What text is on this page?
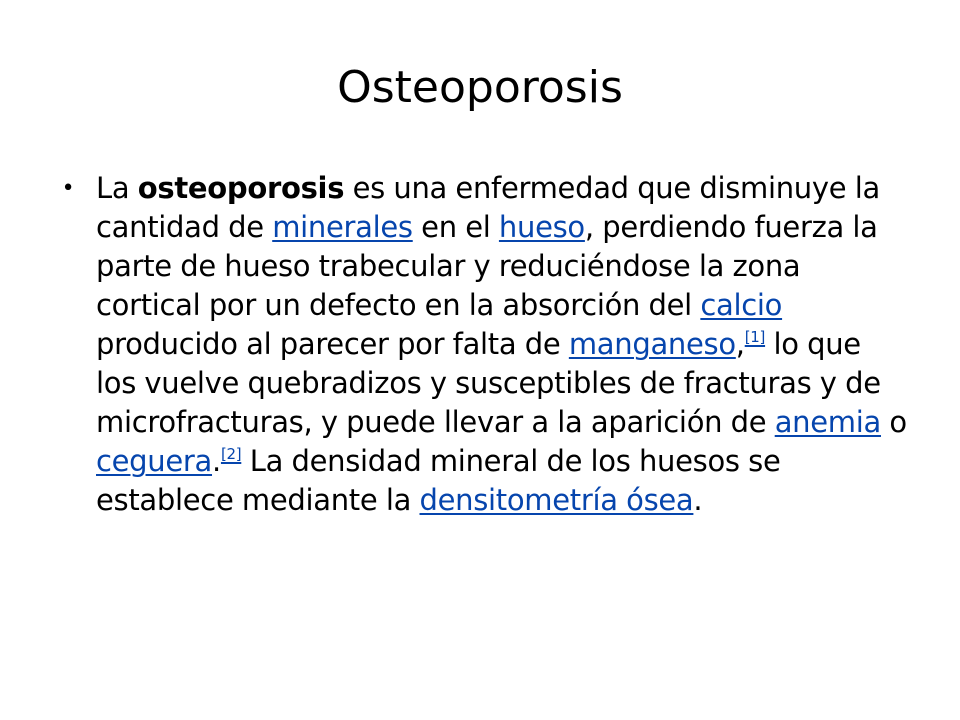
Osteoporosis
• La osteoporosis es una enfermedad que disminuye la cantidad de minerales en el hueso, perdiendo fuerza la parte de hueso trabecular y reduciéndose la zona cortical por un defecto en la absorción del calcio producido al parecer por falta de manganeso,[1] lo que los vuelve quebradizos y susceptibles de fracturas y de microfracturas, y puede llevar a la aparición de anemia o ceguera.[2] La densidad mineral de los huesos se establece mediante la densitometría ósea.
